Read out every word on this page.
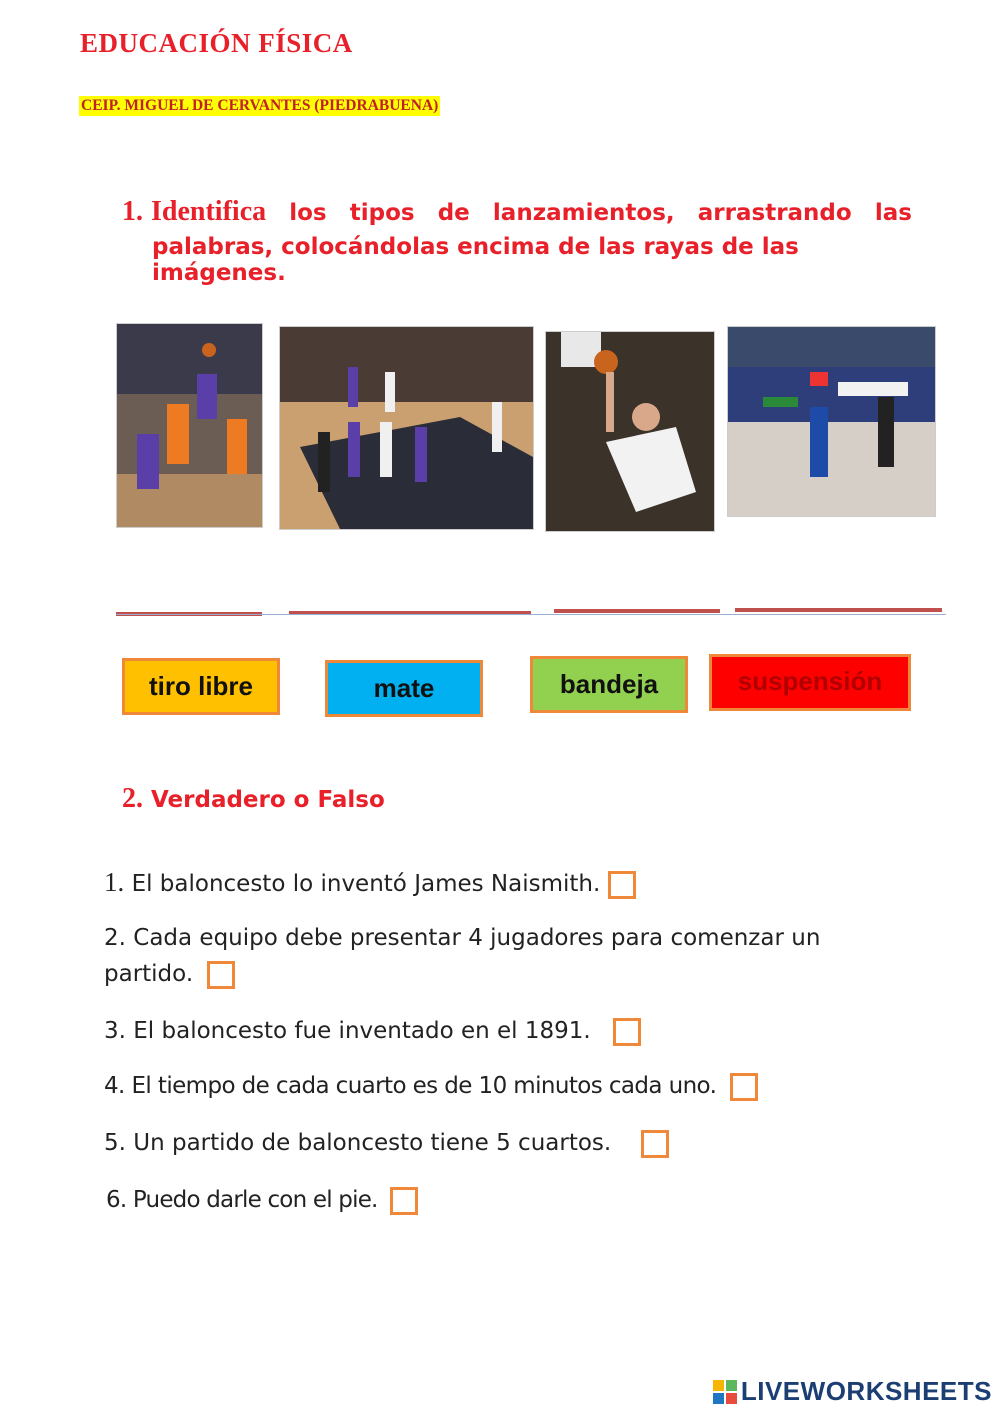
EDUCACIÓN FÍSICA
CEIP. MIGUEL DE CERVANTES (PIEDRABUENA)
1. Identifica los tipos de lanzamientos, arrastrando las
palabras, colocándolas encima de las rayas de las imágenes.
tiro libre	mate	bandeja	suspensión
2. Verdadero o Falso
1. El baloncesto lo inventó James Naismith.
2. Cada equipo debe presentar 4 jugadores para comenzar un
partido.
3. El baloncesto fue inventado en el 1891.
4. El tiempo de cada cuarto es de 10 minutos cada uno.
5. Un partido de baloncesto tiene 5 cuartos.
6. Puedo darle con el pie.
LIVEWORKSHEETS
